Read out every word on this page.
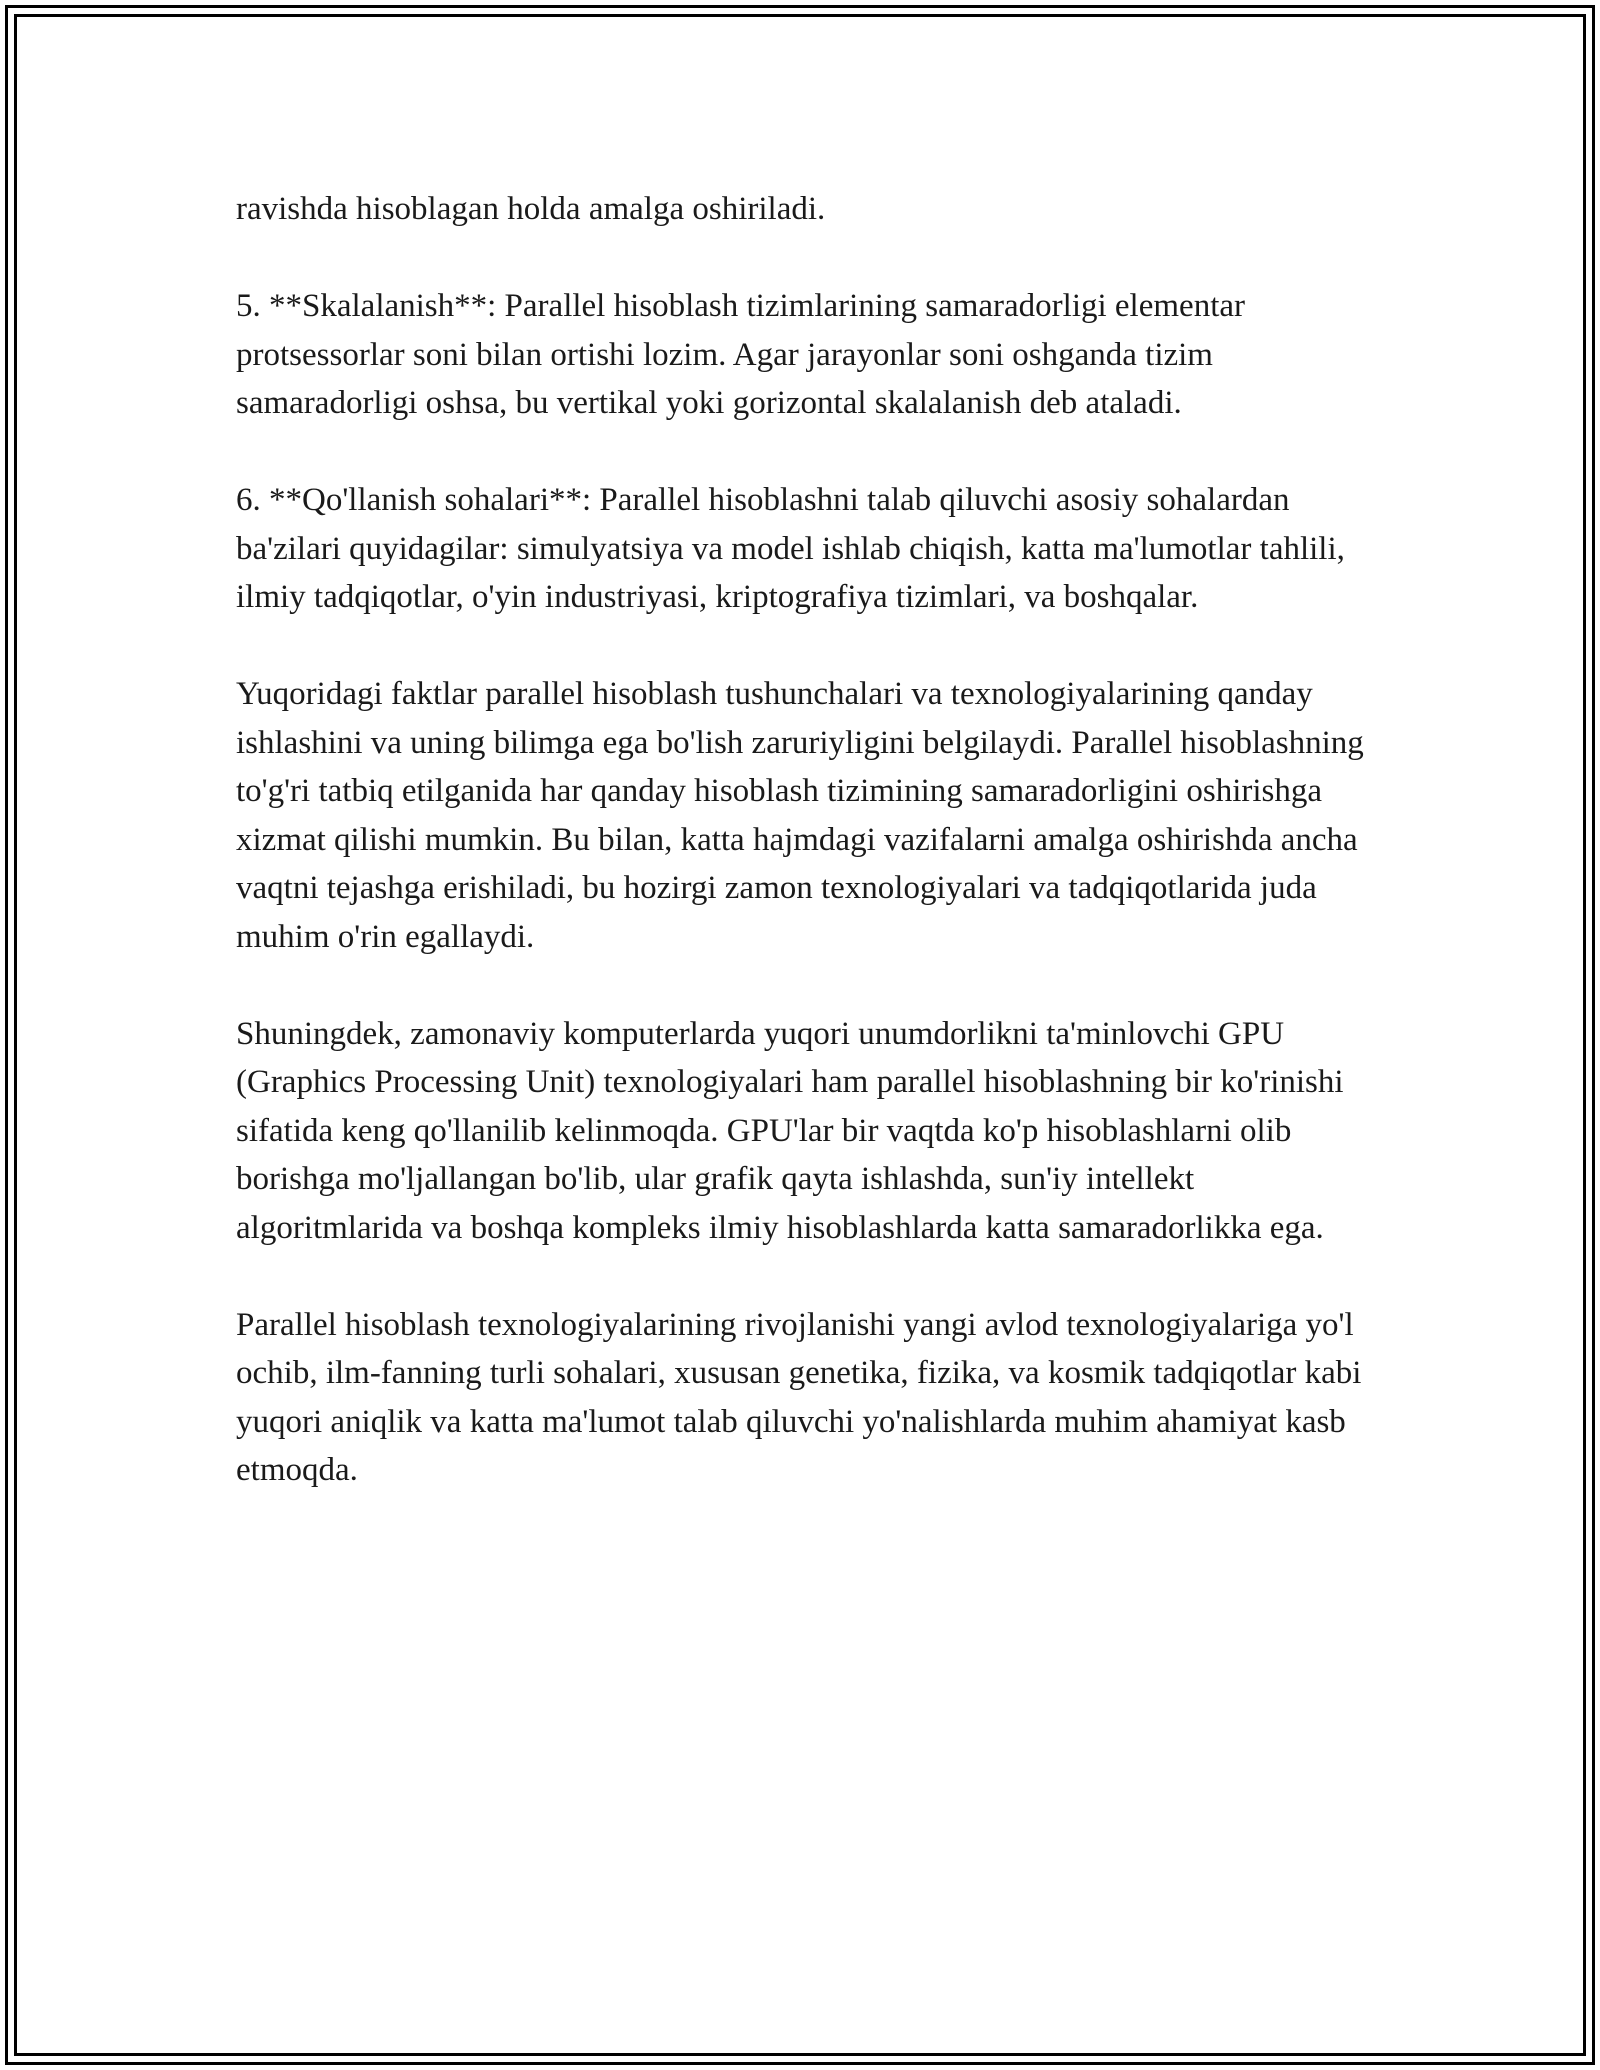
ravishda hisoblagan holda amalga oshiriladi.

5. **Skalalanish**: Parallel hisoblash tizimlarining samaradorligi elementar protsessorlar soni bilan ortishi lozim. Agar jarayonlar soni oshganda tizim samaradorligi oshsa, bu vertikal yoki gorizontal skalalanish deb ataladi.

6. **Qo'llanish sohalari**: Parallel hisoblashni talab qiluvchi asosiy sohalardan ba'zilari quyidagilar: simulyatsiya va model ishlab chiqish, katta ma'lumotlar tahlili, ilmiy tadqiqotlar, o'yin industriyasi, kriptografiya tizimlari, va boshqalar.

Yuqoridagi faktlar parallel hisoblash tushunchalari va texnologiyalarining qanday ishlashini va uning bilimga ega bo'lish zaruriyligini belgilaydi. Parallel hisoblashning to'g'ri tatbiq etilganida har qanday hisoblash tizimining samaradorligini oshirishga xizmat qilishi mumkin. Bu bilan, katta hajmdagi vazifalarni amalga oshirishda ancha vaqtni tejashga erishiladi, bu hozirgi zamon texnologiyalari va tadqiqotlarida juda muhim o'rin egallaydi.

Shuningdek, zamonaviy komputerlarda yuqori unumdorlikni ta'minlovchi GPU (Graphics Processing Unit) texnologiyalari ham parallel hisoblashning bir ko'rinishi sifatida keng qo'llanilib kelinmoqda. GPU'lar bir vaqtda ko'p hisoblashlarni olib borishga mo'ljallangan bo'lib, ular grafik qayta ishlashda, sun'iy intellekt algoritmlarida va boshqa kompleks ilmiy hisoblashlarda katta samaradorlikka ega.

Parallel hisoblash texnologiyalarining rivojlanishi yangi avlod texnologiyalariga yo'l ochib, ilm-fanning turli sohalari, xususan genetika, fizika, va kosmik tadqiqotlar kabi yuqori aniqlik va katta ma'lumot talab qiluvchi yo'nalishlarda muhim ahamiyat kasb etmoqda.
